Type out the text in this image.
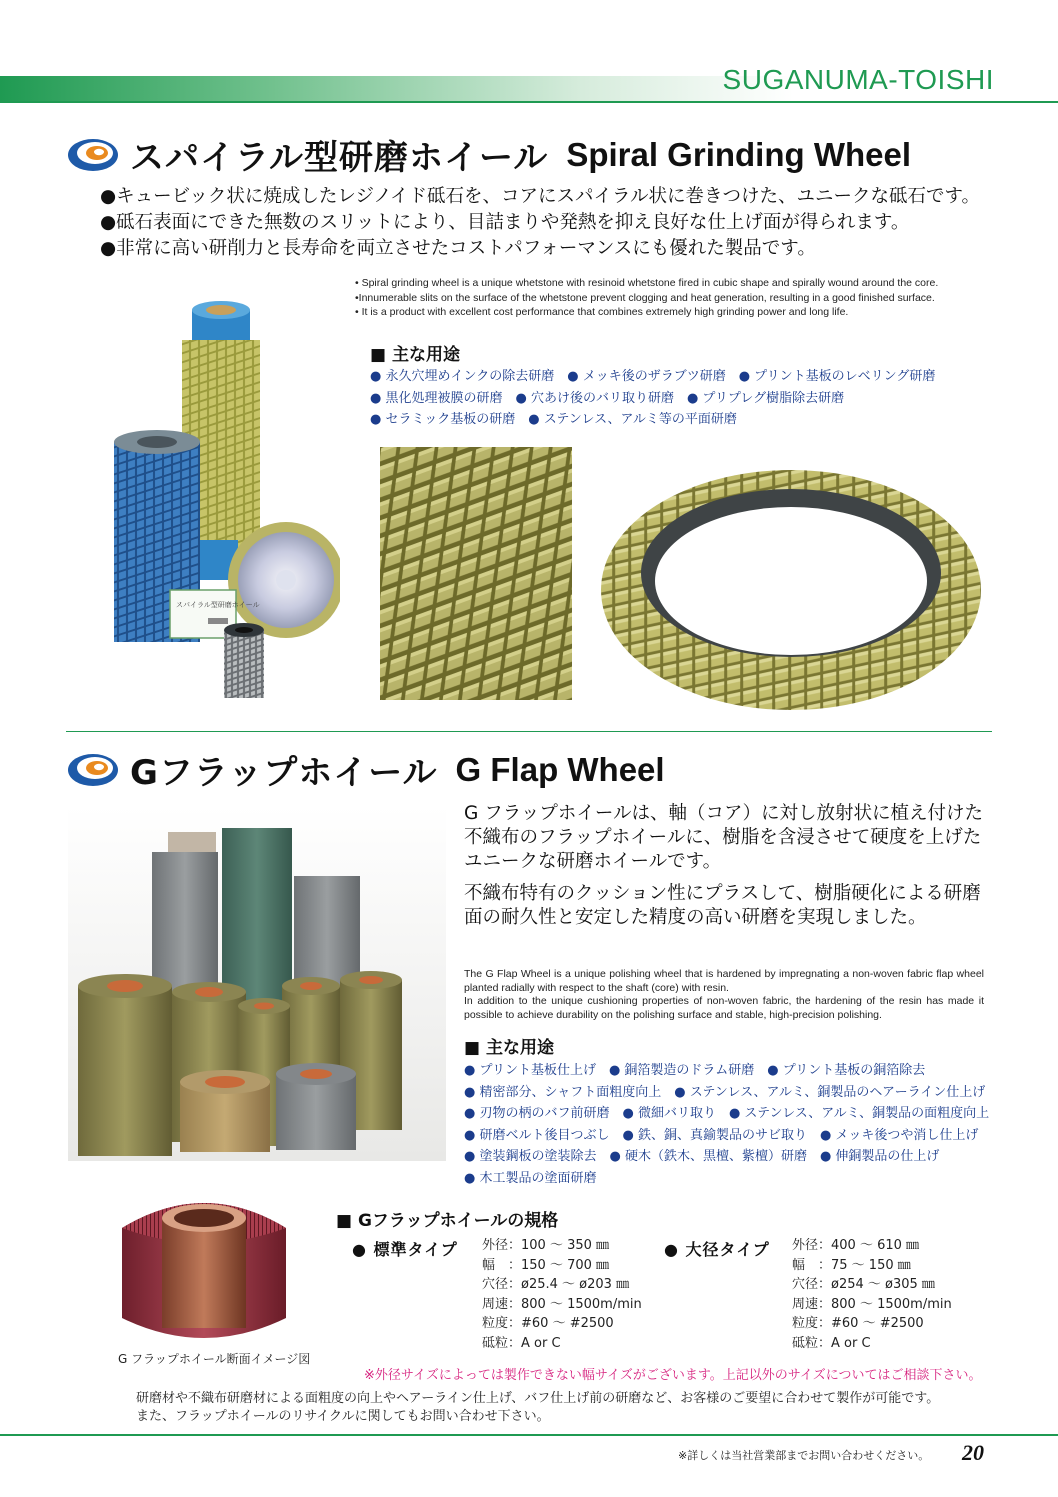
SUGANUMA-TOISHI
スパイラル型研磨ホイール Spiral Grinding Wheel
●キュービック状に焼成したレジノイド砥石を、コアにスパイラル状に巻きつけた、ユニークな砥石です。
●砥石表面にできた無数のスリットにより、目詰まりや発熱を抑え良好な仕上げ面が得られます。
●非常に高い研削力と長寿命を両立させたコストパフォーマンスにも優れた製品です。
• Spiral grinding wheel is a unique whetstone with resinoid whetstone fired in cubic shape and spirally wound around the core.
•Innumerable slits on the surface of the whetstone prevent clogging and heat generation, resulting in a good finished surface.
• It is a product with excellent cost performance that combines extremely high grinding power and long life.
スパイラル型研磨ホイール
■ 主な用途
● 永久穴埋めインクの除去研磨　● メッキ後のザラブツ研磨　● プリント基板のレベリング研磨
● 黒化処理被膜の研磨　● 穴あけ後のバリ取り研磨　● プリプレグ樹脂除去研磨
● セラミック基板の研磨　● ステンレス、アルミ等の平面研磨
Gフラップホイール G Flap Wheel

G フラップホイールは、軸（コア）に対し放射状に植え付けた不織布のフラップホイールに、樹脂を含浸させて硬度を上げたユニークな研磨ホイールです。

不織布特有のクッション性にプラスして、樹脂硬化による研磨面の耐久性と安定した精度の高い研磨を実現しました。

The G Flap Wheel is a unique polishing wheel that is hardened by impregnating a non-woven fabric flap wheel planted radially with respect to the shaft (core) with resin.
In addition to the unique cushioning properties of non-woven fabric, the hardening of the resin has made it possible to achieve durability on the polishing surface and stable, high-precision polishing.
■ 主な用途
● プリント基板仕上げ　● 銅箔製造のドラム研磨　● プリント基板の銅箔除去
● 精密部分、シャフト面粗度向上　● ステンレス、アルミ、銅製品のヘアーライン仕上げ
● 刃物の柄のバフ前研磨　● 微細バリ取り　● ステンレス、アルミ、銅製品の面粗度向上
● 研磨ベルト後目つぶし　● 鉄、銅、真鍮製品のサビ取り　● メッキ後つや消し仕上げ
● 塗装鋼板の塗装除去　● 硬木（鉄木、黒檀、紫檀）研磨　● 伸銅製品の仕上げ
● 木工製品の塗面研磨
G フラップホイール断面イメージ図
■ Gフラップホイールの規格
● 標準タイプ 外径：100 ～ 350 ㎜
幅　：150 ～ 700 ㎜
穴径：ø25.4 ～ ø203 ㎜
周速：800 ～ 1500m/min
粒度：#60 ～ #2500
砥粒：A or C
● 大径タイプ 外径：400 ～ 610 ㎜
幅　：75 ～ 150 ㎜
穴径：ø254 ～ ø305 ㎜
周速：800 ～ 1500m/min
粒度：#60 ～ #2500
砥粒：A or C
※外径サイズによっては製作できない幅サイズがございます。上記以外のサイズについてはご相談下さい。
研磨材や不織布研磨材による面粗度の向上やヘアーライン仕上げ、バフ仕上げ前の研磨など、お客様のご要望に合わせて製作が可能です。
また、フラップホイールのリサイクルに関してもお問い合わせ下さい。
※詳しくは当社営業部までお問い合わせください。 20
